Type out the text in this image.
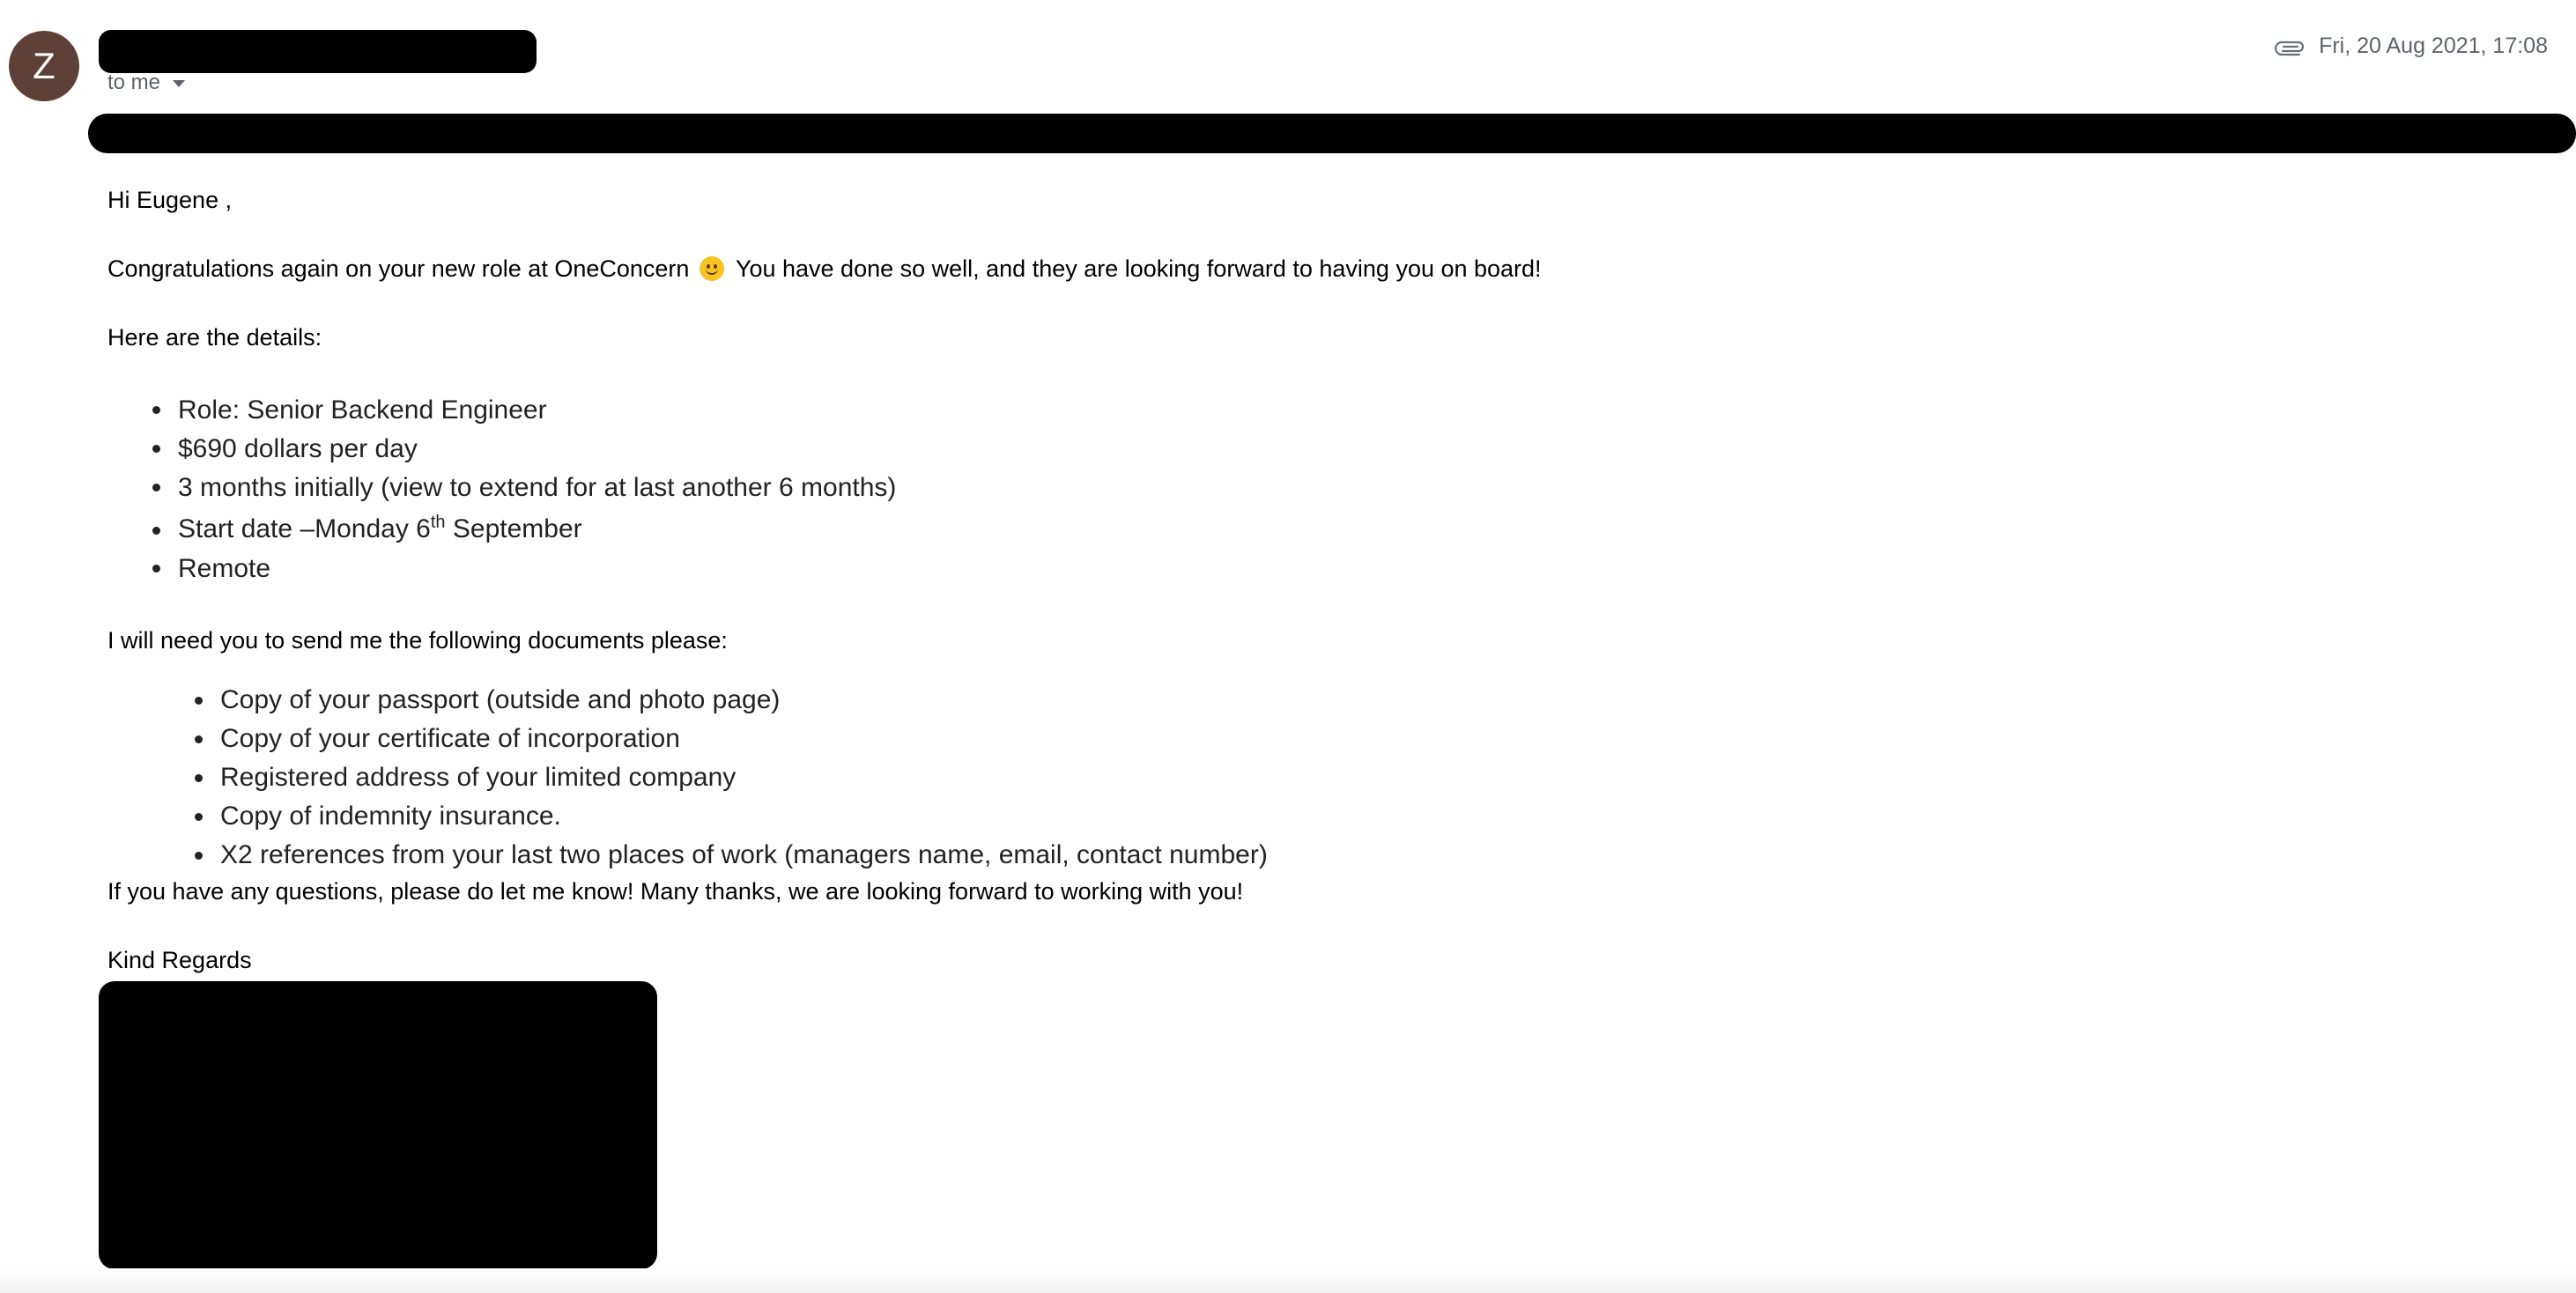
Z	to me
Fri, 20 Aug 2021, 17:08
Hi Eugene ,
Congratulations again on your new role at OneConcern You have done so well, and they are looking forward to having you on board!
Here are the details:
Role: Senior Backend Engineer
$690 dollars per day
3 months initially (view to extend for at last another 6 months)
Start date –Monday 6th September
Remote
I will need you to send me the following documents please:
Copy of your passport (outside and photo page)
Copy of your certificate of incorporation
Registered address of your limited company
Copy of indemnity insurance.
X2 references from your last two places of work (managers name, email, contact number)
If you have any questions, please do let me know! Many thanks, we are looking forward to working with you!
Kind Regards
